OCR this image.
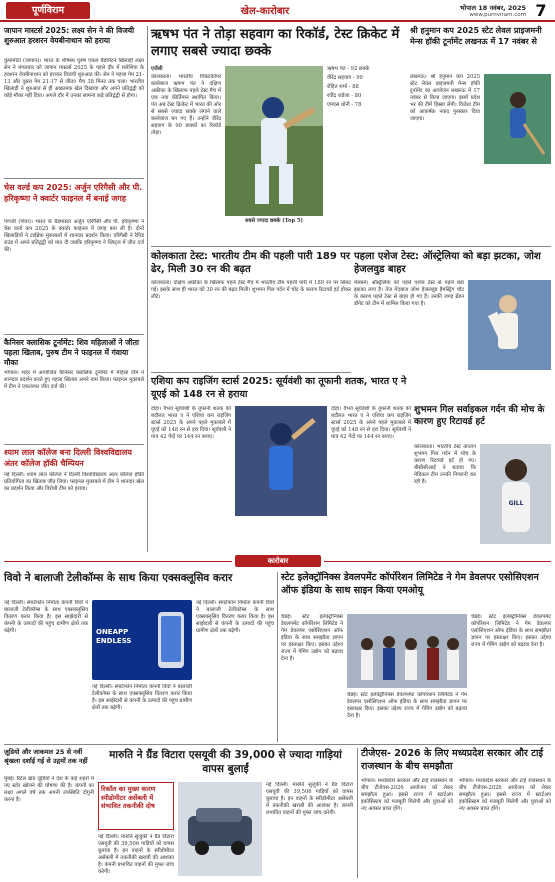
पूर्णविराम	खेल-कारोबार	भोपाल 18 नवंबर, 2025
www.purnviram.com 7
जापान मास्टर्स 2025: लक्ष्य सेन ने की विजयी शुरुआत हरशरन वेयबीनाथान को हराया
कुमामोटो (जापान)। भारत के शीर्षस्थ पुरुष एकल बैडमिंटन खिलाड़ी लक्ष्य सेन ने मंगलवार को जापान मास्टर्स 2025 के पहले दौर में मलेशिया के हरशरन वेयबीनाथान को हराकर विजयी शुरुआत की। सेन ने पहला गेम 21-13 और दूसरा गेम 21-17 से जीता। मैच 38 मिनट तक चला। भारतीय खिलाड़ी ने शुरुआत से ही आक्रामक खेल दिखाया और अपने प्रतिद्वंद्वी को कोई मौका नहीं दिया। अगले दौर में उनका सामना कड़े प्रतिद्वंद्वी से होगा।
चेस वर्ल्ड कप 2025: अर्जुन एरिगैसी और पी. हरिकृष्णा ने क्वार्टर फाइनल में बनाई जगह
पणजी (गोवा)। भारत के ग्रैंडमास्टर अर्जुन एरिगैसी और पी. हरिकृष्णा ने चेस वर्ल्ड कप 2025 के क्वार्टर फाइनल में जगह बना ली है। दोनों खिलाड़ियों ने टाईब्रेक मुकाबलों में शानदार प्रदर्शन किया। एरिगैसी ने रैपिड राउंड में अपने प्रतिद्वंद्वी को मात दी जबकि हरिकृष्णा ने ब्लिट्ज में जीत दर्ज की।
कैनिसर क्लासिक टूर्नामेंट: शिव महिलाओं ने जीता पहला खिताब, पुरुष टीम ने फाइनल में गंवाया मौका
भोपाल। शहर में आयोजित कैनिसर क्लासिक टूर्नामेंट में महिला टीम ने शानदार प्रदर्शन करते हुए पहला खिताब अपने नाम किया। फाइनल मुकाबले में टीम ने एकतरफा जीत दर्ज की।
श्याम लाल कॉलेज बना दिल्ली विश्वविद्यालय अंतर कॉलेज हॉकी चैम्पियन
नई दिल्ली। श्याम लाल कॉलेज ने दिल्ली विश्वविद्यालय अंतर कॉलेज हॉकी प्रतियोगिता का खिताब जीत लिया। फाइनल मुकाबले में टीम ने शानदार खेल का प्रदर्शन किया और विरोधी टीम को हराया।
ऋषभ पंत ने तोड़ा सहवाग का रिकॉर्ड, टेस्ट क्रिकेट में लगाए सबसे ज्यादा छक्के
एजेंसी
कोलकाता। भारतीय विकेटकीपर बल्लेबाज ऋषभ पंत ने दक्षिण अफ्रीका के खिलाफ पहले टेस्ट मैच में एक नया कीर्तिमान स्थापित किया। पंत अब टेस्ट क्रिकेट में भारत की ओर से सबसे ज्यादा छक्के लगाने वाले बल्लेबाज बन गए हैं। उन्होंने वीरेंद्र सहवाग के 90 छक्कों का रिकॉर्ड तोड़ा।
सबसे ज्यादा छक्के (Top 5)
ऋषभ पंत - 92 छक्के
वीरेंद्र सहवाग - 90
रोहित शर्मा - 88
रवींद्र जडेजा - 80
एमएस धोनी - 78
श्री हनुमान कप 2025 स्टेट लेवल प्राइजमनी मेन्स हॉकी टूर्नामेंट लखनऊ में 17 नवंबर से
लखनऊ। श्री हनुमान कप 2025 स्टेट लेवल प्राइजमनी मेन्स हॉकी टूर्नामेंट का आयोजन लखनऊ में 17 नवंबर से किया जाएगा। इसमें प्रदेश भर की टीमें हिस्सा लेंगी। विजेता टीम को आकर्षक नकद पुरस्कार दिया जाएगा।
कोलकाता टेस्ट: भारतीय टीम की पहली पारी 189 पर ढेर, मिली 30 रन की बढ़त
कोलकाता। दक्षिण अफ्रीका के खिलाफ पहले टेस्ट मैच में भारतीय टीम पहली पारी में 189 रन पर सिमट गई। इसके साथ ही भारत को 30 रन की बढ़त मिली। शुभमन गिल गर्दन में चोट के कारण रिटायर्ड हर्ट होकर लौटे।
पहला एशेज टेस्ट: ऑस्ट्रेलिया को बड़ा झटका, जोश हेजलवुड बाहर
मेलबर्न। ऑस्ट्रेलिया को पहले एशेज टेस्ट से पहले बड़ा झटका लगा है। तेज गेंदबाज जोश हेजलवुड हैमस्ट्रिंग चोट के कारण पहले टेस्ट से बाहर हो गए हैं। उनकी जगह ब्रेंडन डॉगेट को टीम में शामिल किया गया है।
एशिया कप राइजिंग स्टार्स 2025: सूर्यवंशी का तूफानी शतक, भारत ए ने यूएई को 148 रन से हराया
दोहा। वैभव सूर्यवंशी के तूफानी शतक की बदौलत भारत ए ने एशिया कप राइजिंग स्टार्स 2025 के अपने पहले मुकाबले में यूएई को 148 रन से हरा दिया। सूर्यवंशी ने मात्र 42 गेंदों पर 144 रन बनाए।
दोहा। वैभव सूर्यवंशी के तूफानी शतक की बदौलत भारत ए ने एशिया कप राइजिंग स्टार्स 2025 के अपने पहले मुकाबले में यूएई को 148 रन से हरा दिया। सूर्यवंशी ने मात्र 42 गेंदों पर 144 रन बनाए।
शुभमन गिल सर्वाइकल गर्दन की मोच के कारण हुए रिटायर्ड हर्ट
कोलकाता। भारतीय टेस्ट कप्तान शुभमन गिल गर्दन में मोच के कारण रिटायर्ड हर्ट हो गए। बीसीसीआई ने बताया कि मेडिकल टीम उनकी निगरानी कर रही है।
GILL
कारोबार
विवो ने बालाजी टेलीकॉम्स के साथ किया एक्सक्लूसिव करार
नई दिल्ली। स्मार्टफोन निर्माता कंपनी विवो ने बालाजी टेलीकॉम्स के साथ एक्सक्लूसिव वितरण करार किया है। इस साझेदारी से कंपनी के उत्पादों की पहुंच ग्रामीण क्षेत्रों तक बढ़ेगी।	ONEAPP ENDLESS
नई दिल्ली। स्मार्टफोन निर्माता कंपनी विवो ने बालाजी टेलीकॉम्स के साथ एक्सक्लूसिव वितरण करार किया है। इस साझेदारी से कंपनी के उत्पादों की पहुंच ग्रामीण क्षेत्रों तक बढ़ेगी।
नई दिल्ली। स्मार्टफोन निर्माता कंपनी विवो ने बालाजी टेलीकॉम्स के साथ एक्सक्लूसिव वितरण करार किया है। इस साझेदारी से कंपनी के उत्पादों की पहुंच ग्रामीण क्षेत्रों तक बढ़ेगी।
स्टेट इलेक्ट्रॉनिक्स डेवलपमेंट कॉर्पोरेशन लिमिटेड ने गेम डेवलपर एसोसिएशन ऑफ इंडिया के साथ साइन किया एमओयू
चेन्नई। स्टेट इलेक्ट्रॉनिक्स डेवलपमेंट कॉर्पोरेशन लिमिटेड ने गेम डेवलपर एसोसिएशन ऑफ इंडिया के साथ समझौता ज्ञापन पर हस्ताक्षर किए। इसका उद्देश्य राज्य में गेमिंग उद्योग को बढ़ावा देना है।
चेन्नई। स्टेट इलेक्ट्रॉनिक्स डेवलपमेंट कॉर्पोरेशन लिमिटेड ने गेम डेवलपर एसोसिएशन ऑफ इंडिया के साथ समझौता ज्ञापन पर हस्ताक्षर किए। इसका उद्देश्य राज्य में गेमिंग उद्योग को बढ़ावा देना है।
चेन्नई। स्टेट इलेक्ट्रॉनिक्स डेवलपमेंट कॉर्पोरेशन लिमिटेड ने गेम डेवलपर एसोसिएशन ऑफ इंडिया के साथ समझौता ज्ञापन पर हस्ताक्षर किए। इसका उद्देश्य राज्य में गेमिंग उद्योग को बढ़ावा देना है।
ज़ूडियो और जाकमल 25 से नवीं श्रृंखला दर्शाई गई से उद्गमों तक नहीं
मुंबई। रिटेल ब्रांड ज़ूडियो ने देश के कई शहरों में नए स्टोर खोलने की घोषणा की है। कंपनी का लक्ष्य अगले वर्ष तक अपनी उपस्थिति दोगुनी करना है।
मारुति ने ग्रैंड विटारा एसयूवी की 39,000 से ज्यादा गाड़ियां वापस बुलाईं
रिकॉल का मुख्य कारण स्पीडोमीटर असेंबली में संभावित तकनीकी दोष
नई दिल्ली। मारुति सुजुकी ने ग्रैंड विटारा एसयूवी की 39,506 गाड़ियों को वापस बुलाया है। इन वाहनों के स्पीडोमीटर असेंबली में तकनीकी खराबी की आशंका है। कंपनी प्रभावित वाहनों की मुफ्त जांच करेगी।
नई दिल्ली। मारुति सुजुकी ने ग्रैंड विटारा एसयूवी की 39,506 गाड़ियों को वापस बुलाया है। इन वाहनों के स्पीडोमीटर असेंबली में तकनीकी खराबी की आशंका है। कंपनी प्रभावित वाहनों की मुफ्त जांच करेगी।
टीजेएस- 2026 के लिए मध्यप्रदेश सरकार और टाई राजस्थान के बीच समझौता
भोपाल। मध्यप्रदेश सरकार और टाई राजस्थान के बीच टीजेएस-2026 आयोजन को लेकर समझौता हुआ। इससे राज्य में स्टार्टअप इकोसिस्टम को मजबूती मिलेगी और युवाओं को नए अवसर प्राप्त होंगे।
भोपाल। मध्यप्रदेश सरकार और टाई राजस्थान के बीच टीजेएस-2026 आयोजन को लेकर समझौता हुआ। इससे राज्य में स्टार्टअप इकोसिस्टम को मजबूती मिलेगी और युवाओं को नए अवसर प्राप्त होंगे।
